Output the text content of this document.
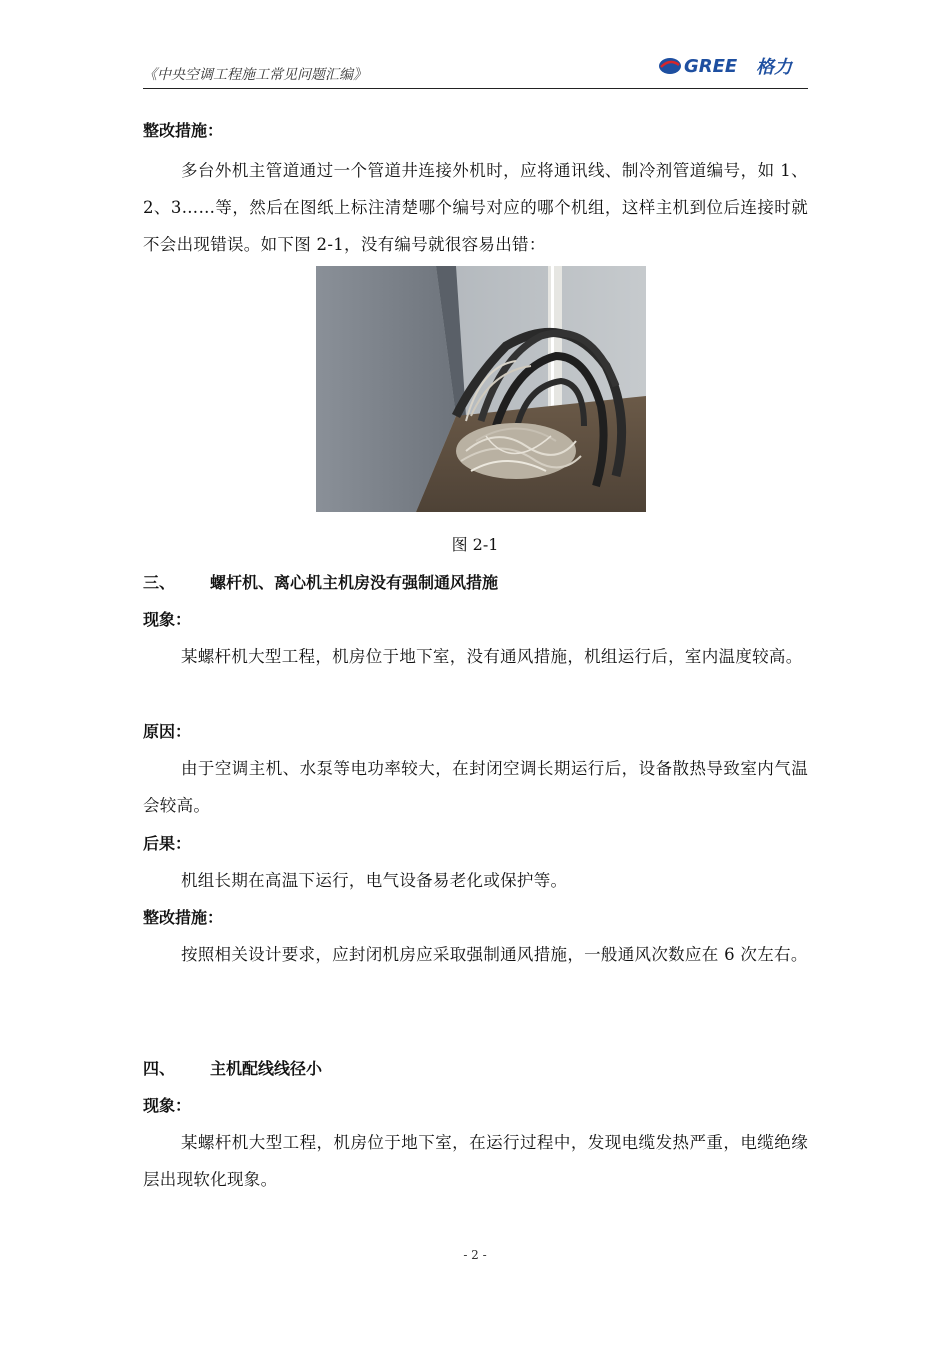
《中央空调工程施工常见问题汇编》	GREE 格力

整改措施：

多台外机主管道通过一个管道井连接外机时，应将通讯线、制冷剂管道编号，如 1、2、3……等，然后在图纸上标注清楚哪个编号对应的哪个机组，这样主机到位后连接时就不会出现错误。如下图 2-1，没有编号就很容易出错：

图 2-1
三、	螺杆机、离心机主机房没有强制通风措施

现象：

某螺杆机大型工程，机房位于地下室，没有通风措施，机组运行后，室内温度较高。

原因：

由于空调主机、水泵等电功率较大，在封闭空调长期运行后，设备散热导致室内气温会较高。

后果：

机组长期在高温下运行，电气设备易老化或保护等。

整改措施：

按照相关设计要求，应封闭机房应采取强制通风措施，一般通风次数应在 6 次左右。

四、	主机配线线径小

现象：

某螺杆机大型工程，机房位于地下室，在运行过程中，发现电缆发热严重，电缆绝缘层出现软化现象。

- 2 -
